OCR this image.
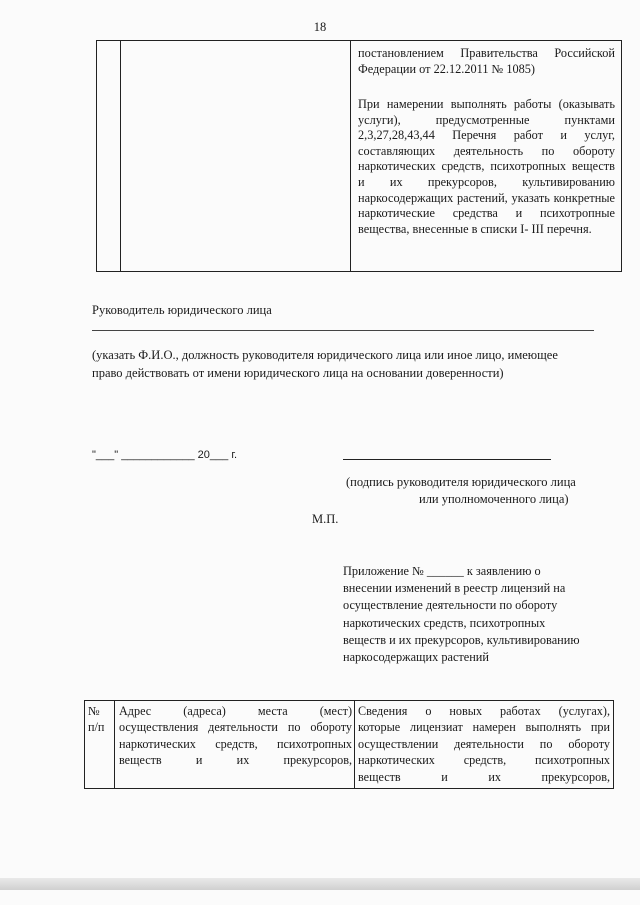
18

постановлением Правительства Российской Федерации от 22.12.2011 № 1085)

При намерении выполнять работы (оказывать услуги), предусмотренные пунктами 2,3,27,28,43,44 Перечня работ и услуг, составляющих деятельность по обороту наркотических средств, психотропных веществ и их прекурсоров, культивированию наркосодержащих растений, указать конкретные наркотические средства и психотропные вещества, внесенные в списки I- III перечня.

Руководитель юридического лица
(указать Ф.И.О., должность руководителя юридического лица или иное лицо, имеющее право действовать от имени юридического лица на основании доверенности)
"___" ____________ 20___ г.
(подпись руководителя юридического лица
или уполномоченного лица)
М.П.

Приложение № ______ к заявлению о

внесении изменений в реестр лицензий на

осуществление деятельности по обороту

наркотических средств, психотропных

веществ и их прекурсоров, культивированию

наркосодержащих растений

№

п/п

Адрес (адреса) места (мест)

осуществления деятельности по обороту

наркотических средств, психотропных

веществ и их прекурсоров,

Сведения о новых работах (услугах),

которые лицензиат намерен выполнять при

осуществлении деятельности по обороту

наркотических средств, психотропных

веществ и их прекурсоров,
